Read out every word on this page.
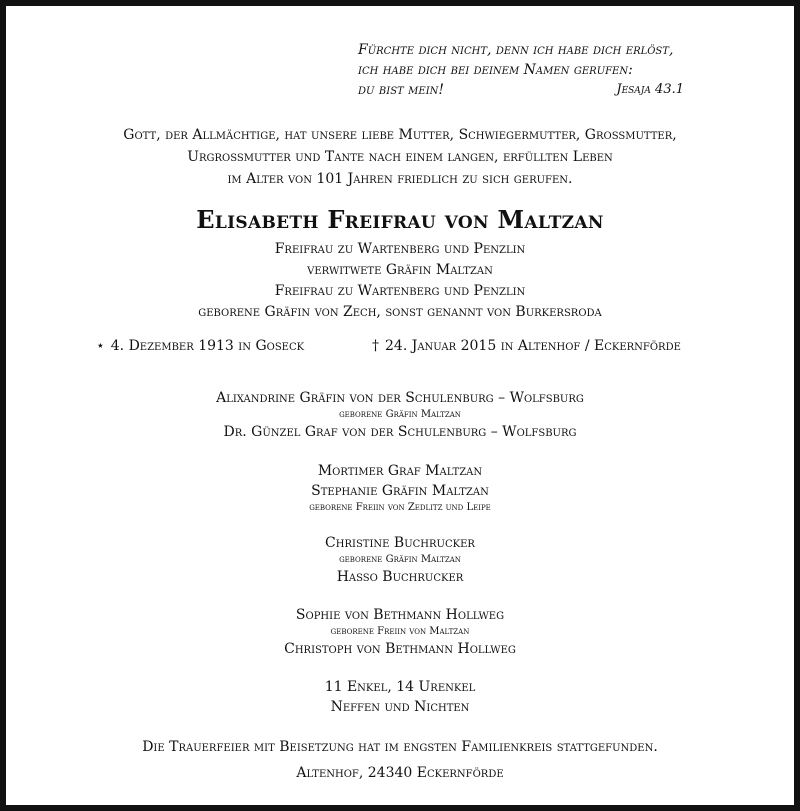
Fürchte dich nicht, denn ich habe dich erlöst,
ich habe dich bei deinem Namen gerufen:
du bist mein!	Jesaja 43.1
Gott, der Allmächtige, hat unsere liebe Mutter, Schwiegermutter, Grossmutter,
Urgrossmutter und Tante nach einem langen, erfüllten Leben
im Alter von 101 Jahren friedlich zu sich gerufen.
Elisabeth Freifrau von Maltzan
Freifrau zu Wartenberg und Penzlin
verwitwete Gräfin Maltzan
Freifrau zu Wartenberg und Penzlin
geborene Gräfin von Zech, sonst genannt von Burkersroda
⋆ 4. Dezember 1913 in Goseck	† 24. Januar 2015 in Altenhof / Eckernförde
Alixandrine Gräfin von der Schulenburg – Wolfsburg
geborene Gräfin Maltzan
Dr. Günzel Graf von der Schulenburg – Wolfsburg
Mortimer Graf Maltzan
Stephanie Gräfin Maltzan
geborene Freiin von Zedlitz und Leipe
Christine Buchrucker
geborene Gräfin Maltzan
Hasso Buchrucker
Sophie von Bethmann Hollweg
geborene Freiin von Maltzan
Christoph von Bethmann Hollweg
11 Enkel, 14 Urenkel
Neffen und Nichten
Die Trauerfeier mit Beisetzung hat im engsten Familienkreis stattgefunden.
Altenhof, 24340 Eckernförde
